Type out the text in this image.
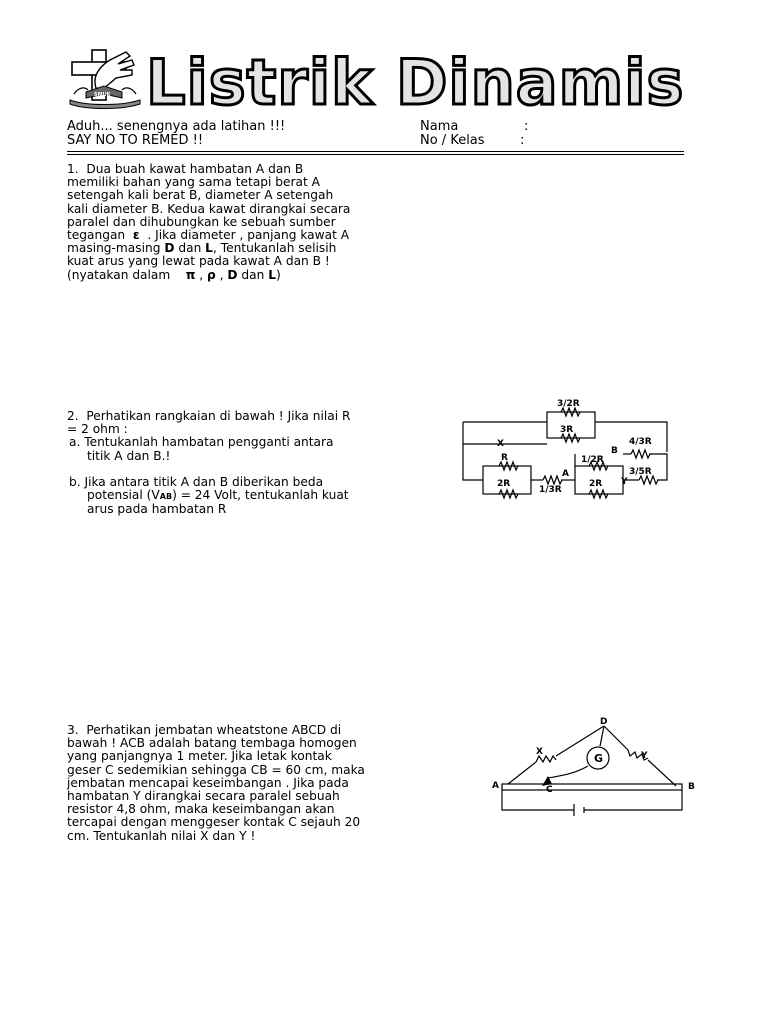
SMUK Listrik Dinamis
Aduh... senengnya ada latihan !!!
SAY NO TO REMED !!
Nama	:
No / Kelas	:
1. Dua buah kawat hambatan A dan B
memiliki bahan yang sama tetapi berat A
setengah kali berat B, diameter A setengah
kali diameter B. Kedua kawat dirangkai secara
paralel dan dihubungkan ke sebuah sumber
tegangan ε . Jika diameter , panjang kawat A
masing-masing D dan L, Tentukanlah selisih
kuat arus yang lewat pada kawat A dan B !
(nyatakan dalam π , ρ , D dan L)
2. Perhatikan rangkaian di bawah ! Jika nilai R
= 2 ohm :
a. Tentukanlah hambatan pengganti antara
titik A dan B.!
b. Jika antara titik A dan B diberikan beda
potensial (VAB) = 24 Volt, tentukanlah kuat
arus pada hambatan R
3/2R
3R
X
R
2R
A
1/3R
1/2R
B
4/3R
2R Y
3/5R
3. Perhatikan jembatan wheatstone ABCD di
bawah ! ACB adalah batang tembaga homogen
yang panjangnya 1 meter. Jika letak kontak
geser C sedemikian sehingga CB = 60 cm, maka
jembatan mencapai keseimbangan . Jika pada
hambatan Y dirangkai secara paralel sebuah
resistor 4,8 ohm, maka keseimbangan akan
tercapai dengan menggeser kontak C sejauh 20
cm. Tentukanlah nilai X dan Y !
D
X	G	Y
A	C	B
